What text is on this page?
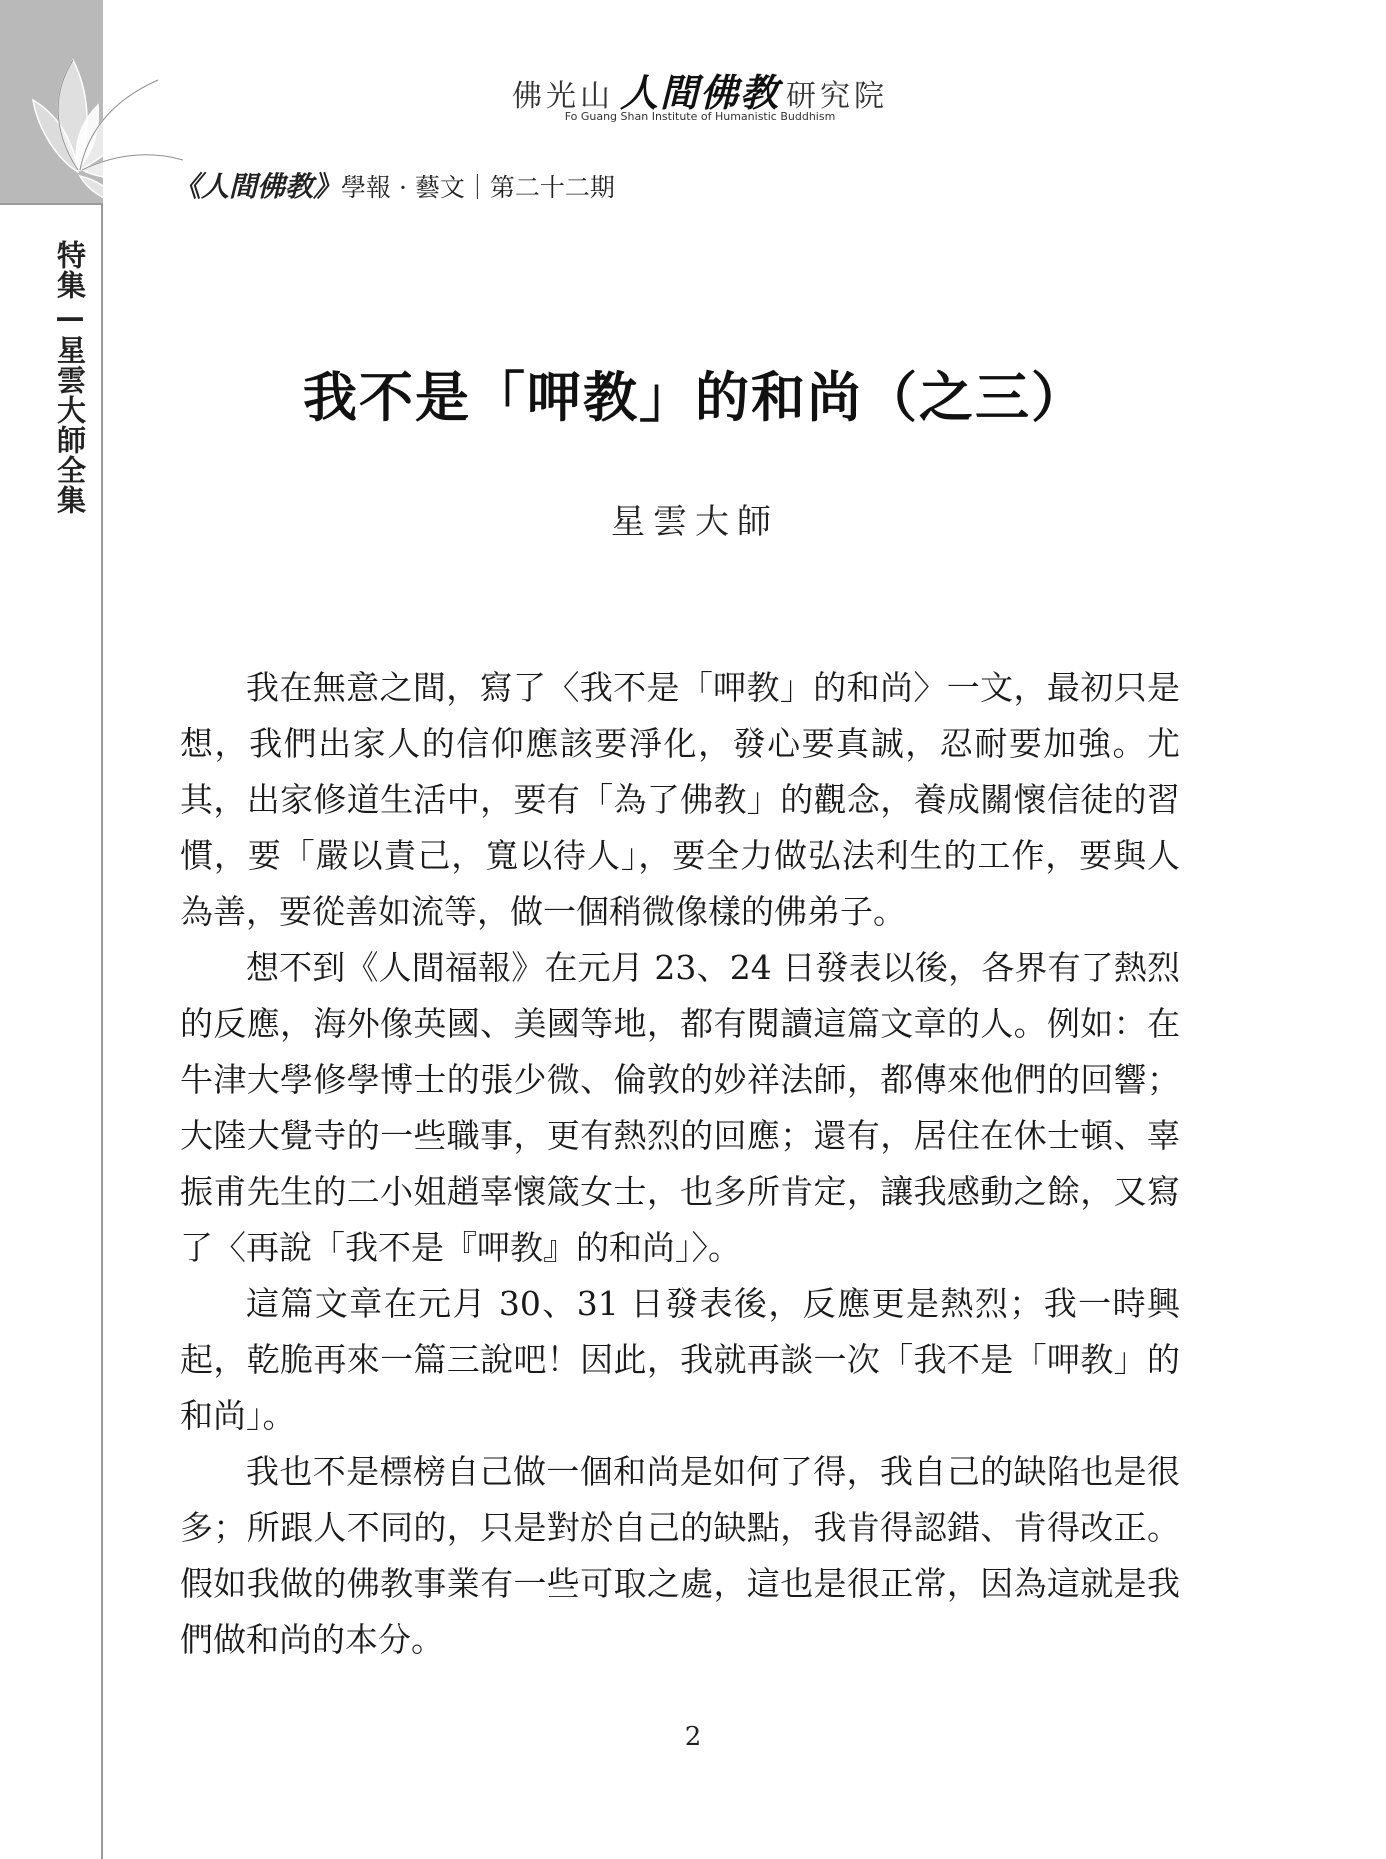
特集—星雲大師全集
佛光山 人間佛教 研究院
Fo Guang Shan Institute of Humanistic Buddhism
《人間佛教》學報 · 藝文｜第二十二期
我不是「呷教」的和尚（之三）
星雲大師

我在無意之間，寫了〈我不是「呷教」的和尚〉一文，最初只是想，我們出家人的信仰應該要淨化，發心要真誠，忍耐要加強。尤其，出家修道生活中，要有「為了佛教」的觀念，養成關懷信徒的習慣，要「嚴以責己，寬以待人」，要全力做弘法利生的工作，要與人為善，要從善如流等，做一個稍微像樣的佛弟子。

想不到《人間福報》在元月 23、24 日發表以後，各界有了熱烈的反應，海外像英國、美國等地，都有閱讀這篇文章的人。例如：在牛津大學修學博士的張少微、倫敦的妙祥法師，都傳來他們的回響；大陸大覺寺的一些職事，更有熱烈的回應；還有，居住在休士頓、辜振甫先生的二小姐趙辜懷箴女士，也多所肯定，讓我感動之餘，又寫了〈再說「我不是『呷教』的和尚」〉。

這篇文章在元月 30、31 日發表後，反應更是熱烈；我一時興起，乾脆再來一篇三說吧！因此，我就再談一次「我不是「呷教」的和尚」。

我也不是標榜自己做一個和尚是如何了得，我自己的缺陷也是很多；所跟人不同的，只是對於自己的缺點，我肯得認錯、肯得改正。假如我做的佛教事業有一些可取之處，這也是很正常，因為這就是我們做和尚的本分。

2
